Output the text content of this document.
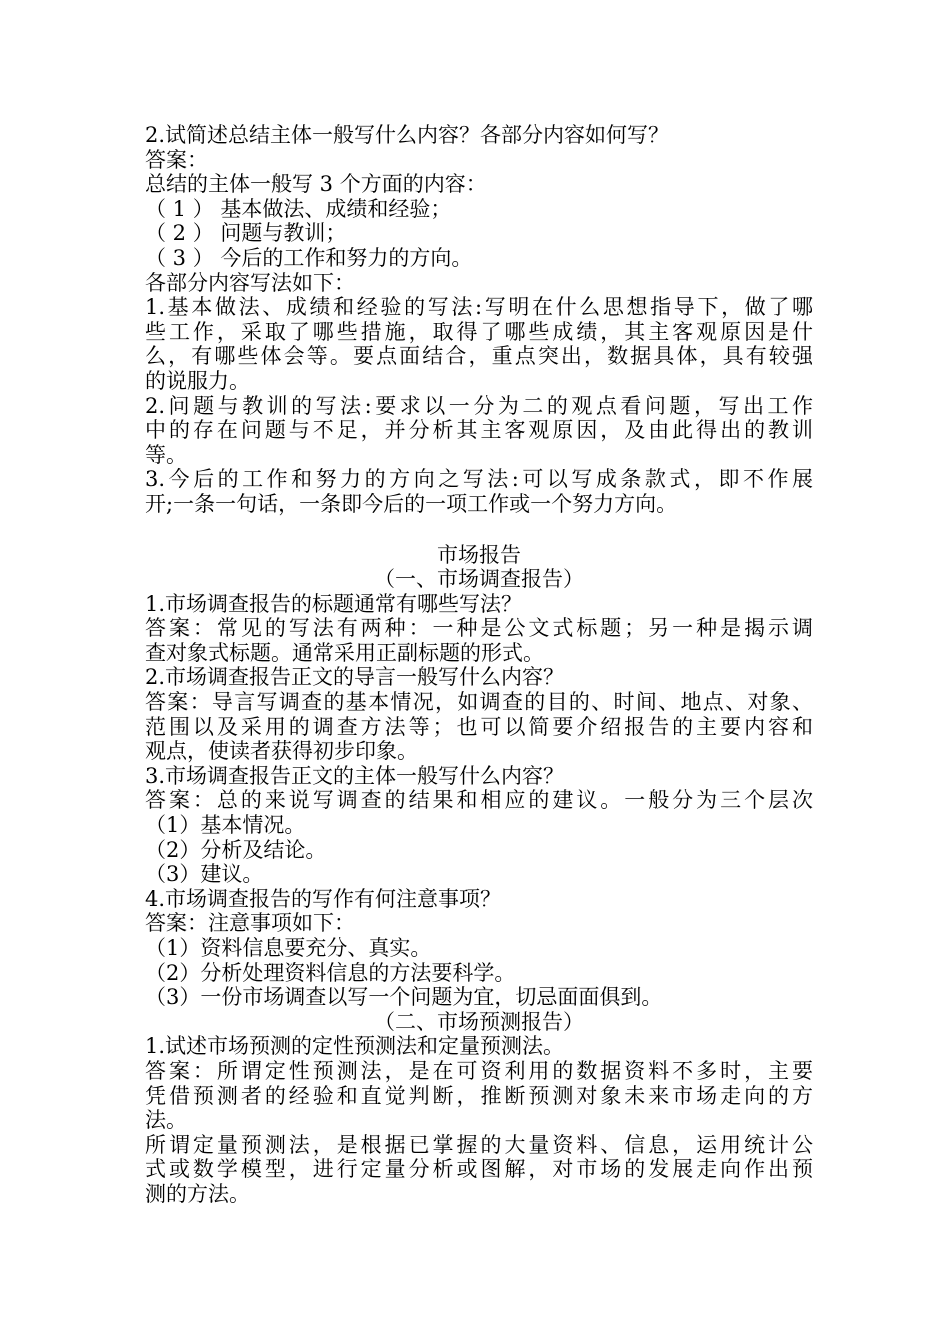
2.试简述总结主体一般写什么内容？各部分内容如何写？
答案：
总结的主体一般写 3 个方面的内容：
（ 1 ） 基本做法、成绩和经验；
（ 2 ） 问题与教训；
（ 3 ） 今后的工作和努力的方向。
各部分内容写法如下：
1.基本做法、成绩和经验的写法:写明在什么思想指导下，做了哪
些工作，采取了哪些措施，取得了哪些成绩，其主客观原因是什
么，有哪些体会等。要点面结合，重点突出，数据具体，具有较强
的说服力。
2.问题与教训的写法:要求以一分为二的观点看问题，写出工作
中的存在问题与不足，并分析其主客观原因，及由此得出的教训
等。
3.今后的工作和努力的方向之写法:可以写成条款式，即不作展
开;一条一句话，一条即今后的一项工作或一个努力方向。
市场报告
（一、市场调查报告）
1.市场调查报告的标题通常有哪些写法？
答案：常见的写法有两种：一种是公文式标题；另一种是揭示调
查对象式标题。通常采用正副标题的形式。
2.市场调查报告正文的导言一般写什么内容？
答案：导言写调查的基本情况，如调查的目的、时间、地点、对象、
范围以及采用的调查方法等；也可以简要介绍报告的主要内容和
观点，使读者获得初步印象。
3.市场调查报告正文的主体一般写什么内容？
答案：总的来说写调查的结果和相应的建议。一般分为三个层次
（1）基本情况。
（2）分析及结论。
（3）建议。
4.市场调查报告的写作有何注意事项？
答案：注意事项如下：
（1）资料信息要充分、真实。
（2）分析处理资料信息的方法要科学。
（3）一份市场调查以写一个问题为宜，切忌面面俱到。
（二、市场预测报告）
1.试述市场预测的定性预测法和定量预测法。
答案：所谓定性预测法，是在可资利用的数据资料不多时，主要
凭借预测者的经验和直觉判断，推断预测对象未来市场走向的方
法。
所谓定量预测法，是根据已掌握的大量资料、信息，运用统计公
式或数学模型，进行定量分析或图解，对市场的发展走向作出预
测的方法。
